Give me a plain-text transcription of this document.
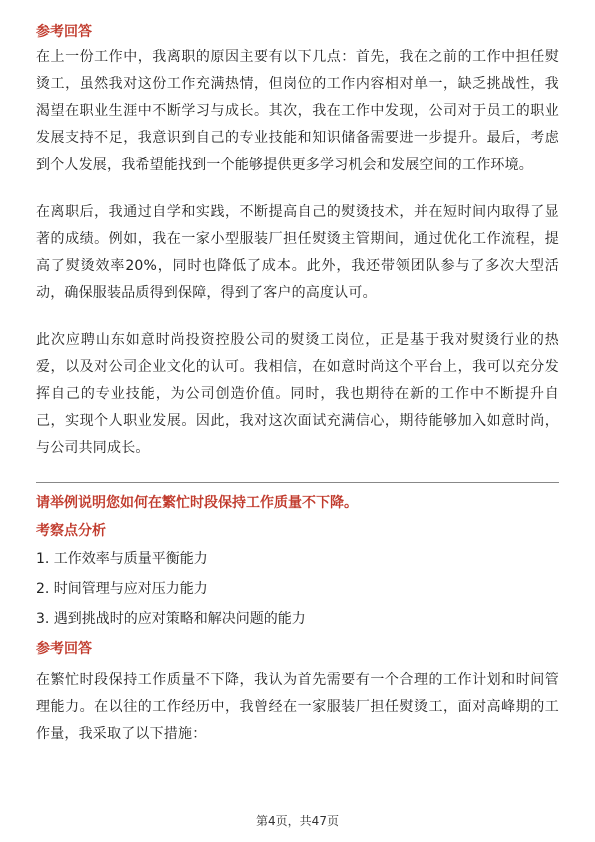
参考回答

在上一份工作中，我离职的原因主要有以下几点：首先，我在之前的工作中担任熨烫工，虽然我对这份工作充满热情，但岗位的工作内容相对单一，缺乏挑战性，我渴望在职业生涯中不断学习与成长。其次，我在工作中发现，公司对于员工的职业发展支持不足，我意识到自己的专业技能和知识储备需要进一步提升。最后，考虑到个人发展，我希望能找到一个能够提供更多学习机会和发展空间的工作环境。

在离职后，我通过自学和实践，不断提高自己的熨烫技术，并在短时间内取得了显著的成绩。例如，我在一家小型服装厂担任熨烫主管期间，通过优化工作流程，提高了熨烫效率20%，同时也降低了成本。此外，我还带领团队参与了多次大型活动，确保服装品质得到保障，得到了客户的高度认可。

此次应聘山东如意时尚投资控股公司的熨烫工岗位，正是基于我对熨烫行业的热爱，以及对公司企业文化的认可。我相信，在如意时尚这个平台上，我可以充分发挥自己的专业技能，为公司创造价值。同时，我也期待在新的工作中不断提升自己，实现个人职业发展。因此，我对这次面试充满信心，期待能够加入如意时尚，与公司共同成长。

请举例说明您如何在繁忙时段保持工作质量不下降。

考察点分析

1. 工作效率与质量平衡能力

2. 时间管理与应对压力能力

3. 遇到挑战时的应对策略和解决问题的能力

参考回答

在繁忙时段保持工作质量不下降，我认为首先需要有一个合理的工作计划和时间管理能力。在以往的工作经历中，我曾经在一家服装厂担任熨烫工，面对高峰期的工作量，我采取了以下措施：

第4页，共47页
